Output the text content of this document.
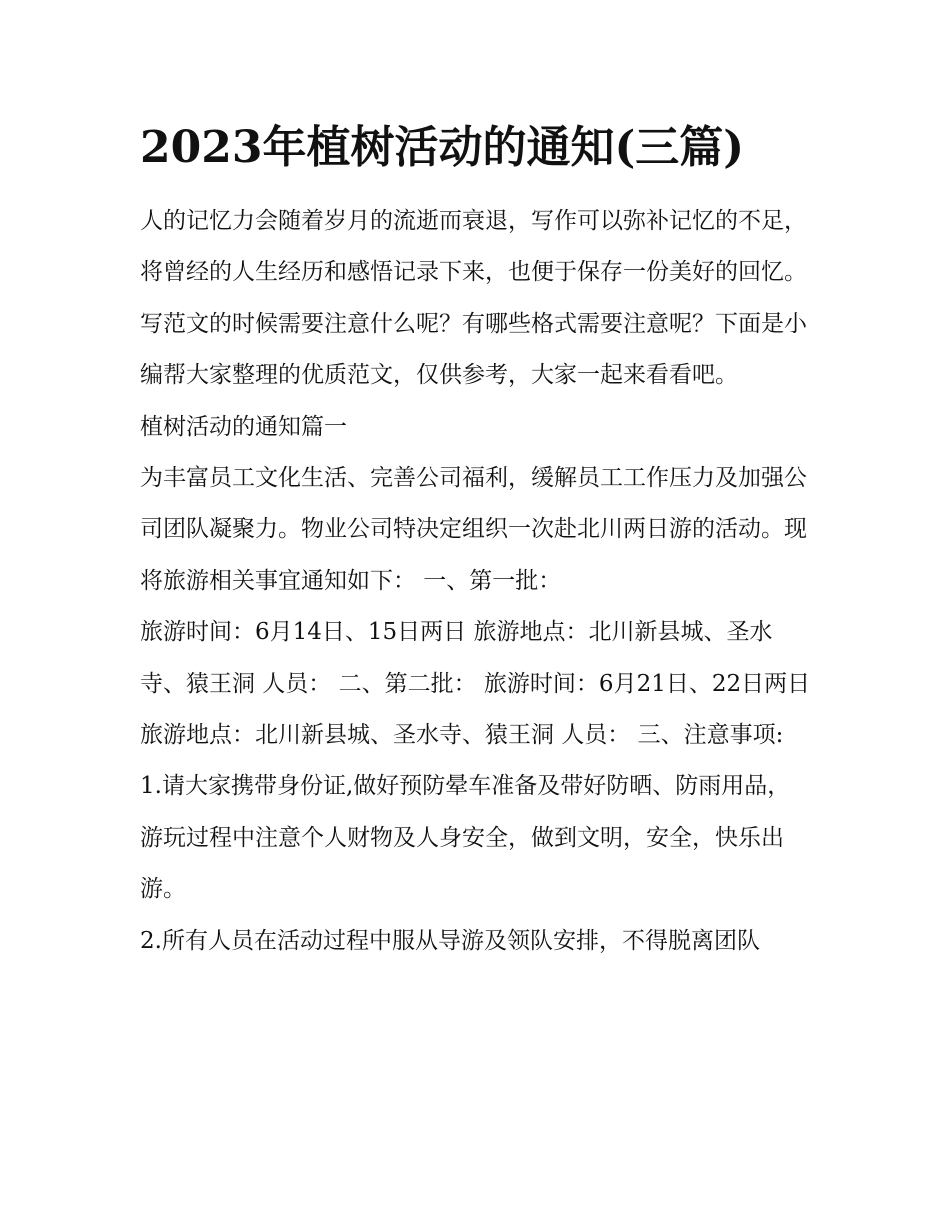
2023年植树活动的通知(三篇)

人的记忆力会随着岁月的流逝而衰退，写作可以弥补记忆的不足，将曾经的人生经历和感悟记录下来，也便于保存一份美好的回忆。写范文的时候需要注意什么呢？有哪些格式需要注意呢？下面是小编帮大家整理的优质范文，仅供参考，大家一起来看看吧。

植树活动的通知篇一

为丰富员工文化生活、完善公司福利，缓解员工工作压力及加强公司团队凝聚力。物业公司特决定组织一次赴北川两日游的活动。现将旅游相关事宜通知如下： 一、第一批：

旅游时间：6月14日、15日两日 旅游地点：北川新县城、圣水寺、猿王洞 人员： 二、第二批： 旅游时间：6月21日、22日两日

旅游地点：北川新县城、圣水寺、猿王洞 人员： 三、注意事项:

1.请大家携带身份证,做好预防晕车准备及带好防晒、防雨用品，游玩过程中注意个人财物及人身安全，做到文明，安全，快乐出游。

2.所有人员在活动过程中服从导游及领队安排，不得脱离团队
